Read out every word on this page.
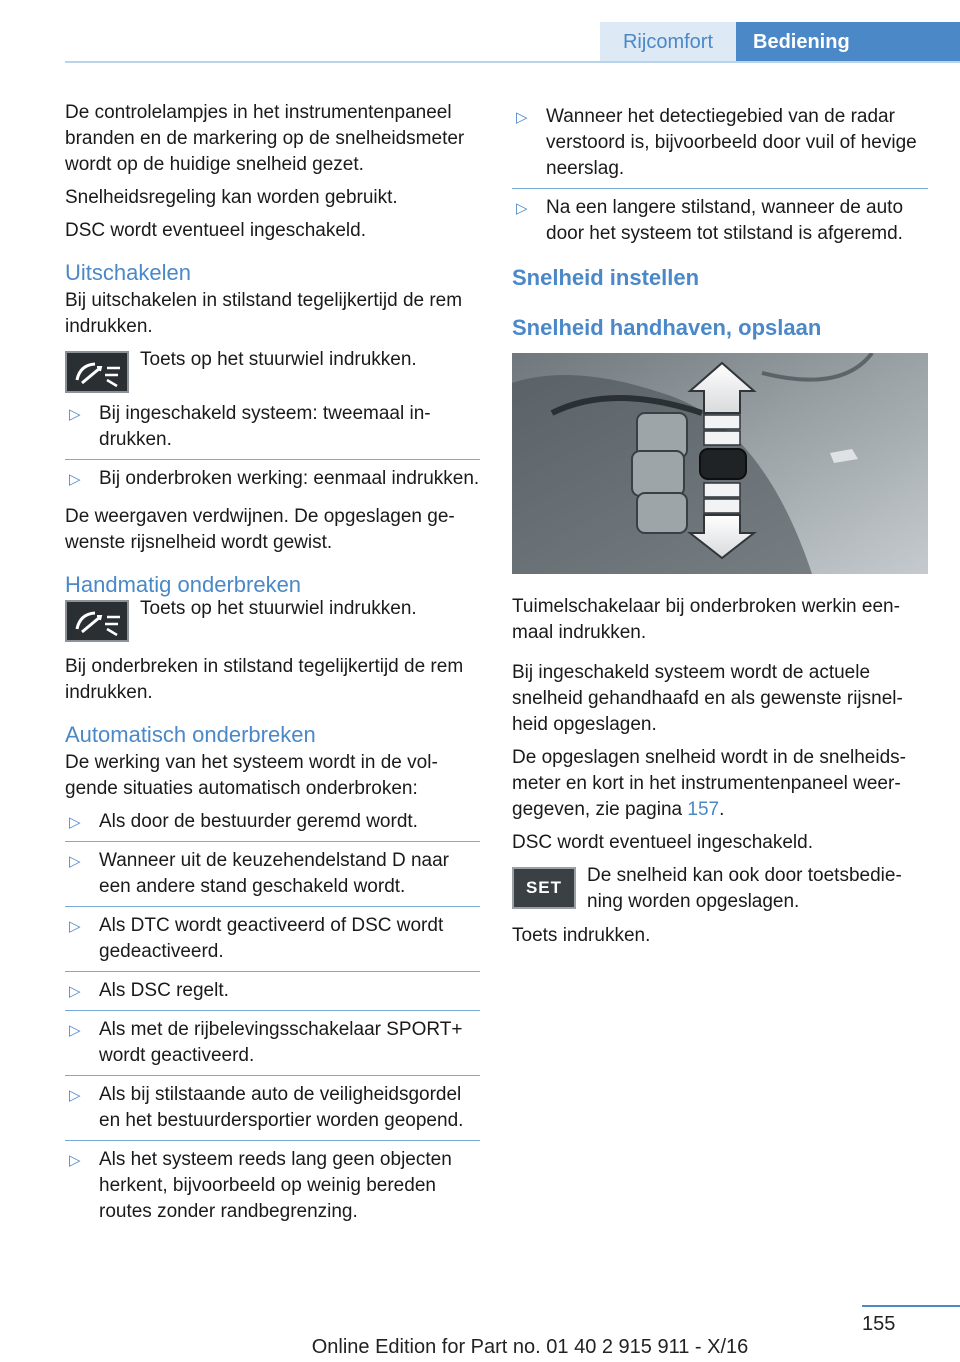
Rijcomfort	Bediening

De controlelampjes in het instrumentenpaneel branden en de markering op de snelheidsmeter wordt op de huidige snelheid gezet.

Snelheidsregeling kan worden gebruikt.

DSC wordt eventueel ingeschakeld.

Uitschakelen

Bij uitschakelen in stilstand tegelijkertijd de rem indrukken.

Toets op het stuurwiel indrukken.
▷ Bij ingeschakeld systeem: tweemaal indrukken.
▷ Bij onderbroken werking: eenmaal indrukken.

De weergaven verdwijnen. De opgeslagen gewenste rijsnelheid wordt gewist.

Handmatig onderbreken
Toets op het stuurwiel indrukken.

Bij onderbreken in stilstand tegelijkertijd de rem indrukken.

Automatisch onderbreken

De werking van het systeem wordt in de volgende situaties automatisch onderbroken:

▷ Als door de bestuurder geremd wordt.
▷ Wanneer uit de keuzehendelstand D naar een andere stand geschakeld wordt.
▷ Als DTC wordt geactiveerd of DSC wordt gedeactiveerd.
▷ Als DSC regelt.
▷ Als met de rijbelevingsschakelaar SPORT+ wordt geactiveerd.
▷ Als bij stilstaande auto de veiligheidsgordel en het bestuurdersportier worden geopend.
▷ Als het systeem reeds lang geen objecten herkent, bijvoorbeeld op weinig bereden routes zonder randbegrenzing.
▷ Wanneer het detectiegebied van de radar verstoord is, bijvoorbeeld door vuil of hevige neerslag.
▷ Na een langere stilstand, wanneer de auto door het systeem tot stilstand is afgeremd.
Snelheid instellen
Snelheid handhaven, opslaan

Tuimelschakelaar bij onderbroken werkin eenmaal indrukken.

Bij ingeschakeld systeem wordt de actuele snelheid gehandhaafd en als gewenste rijsnelheid opgeslagen.

De opgeslagen snelheid wordt in de snelheidsmeter en kort in het instrumentenpaneel weergegeven, zie pagina 157.

DSC wordt eventueel ingeschakeld.

SET
De snelheid kan ook door toetsbediening worden opgeslagen.

Toets indrukken.

155
Online Edition for Part no. 01 40 2 915 911 - X/16
